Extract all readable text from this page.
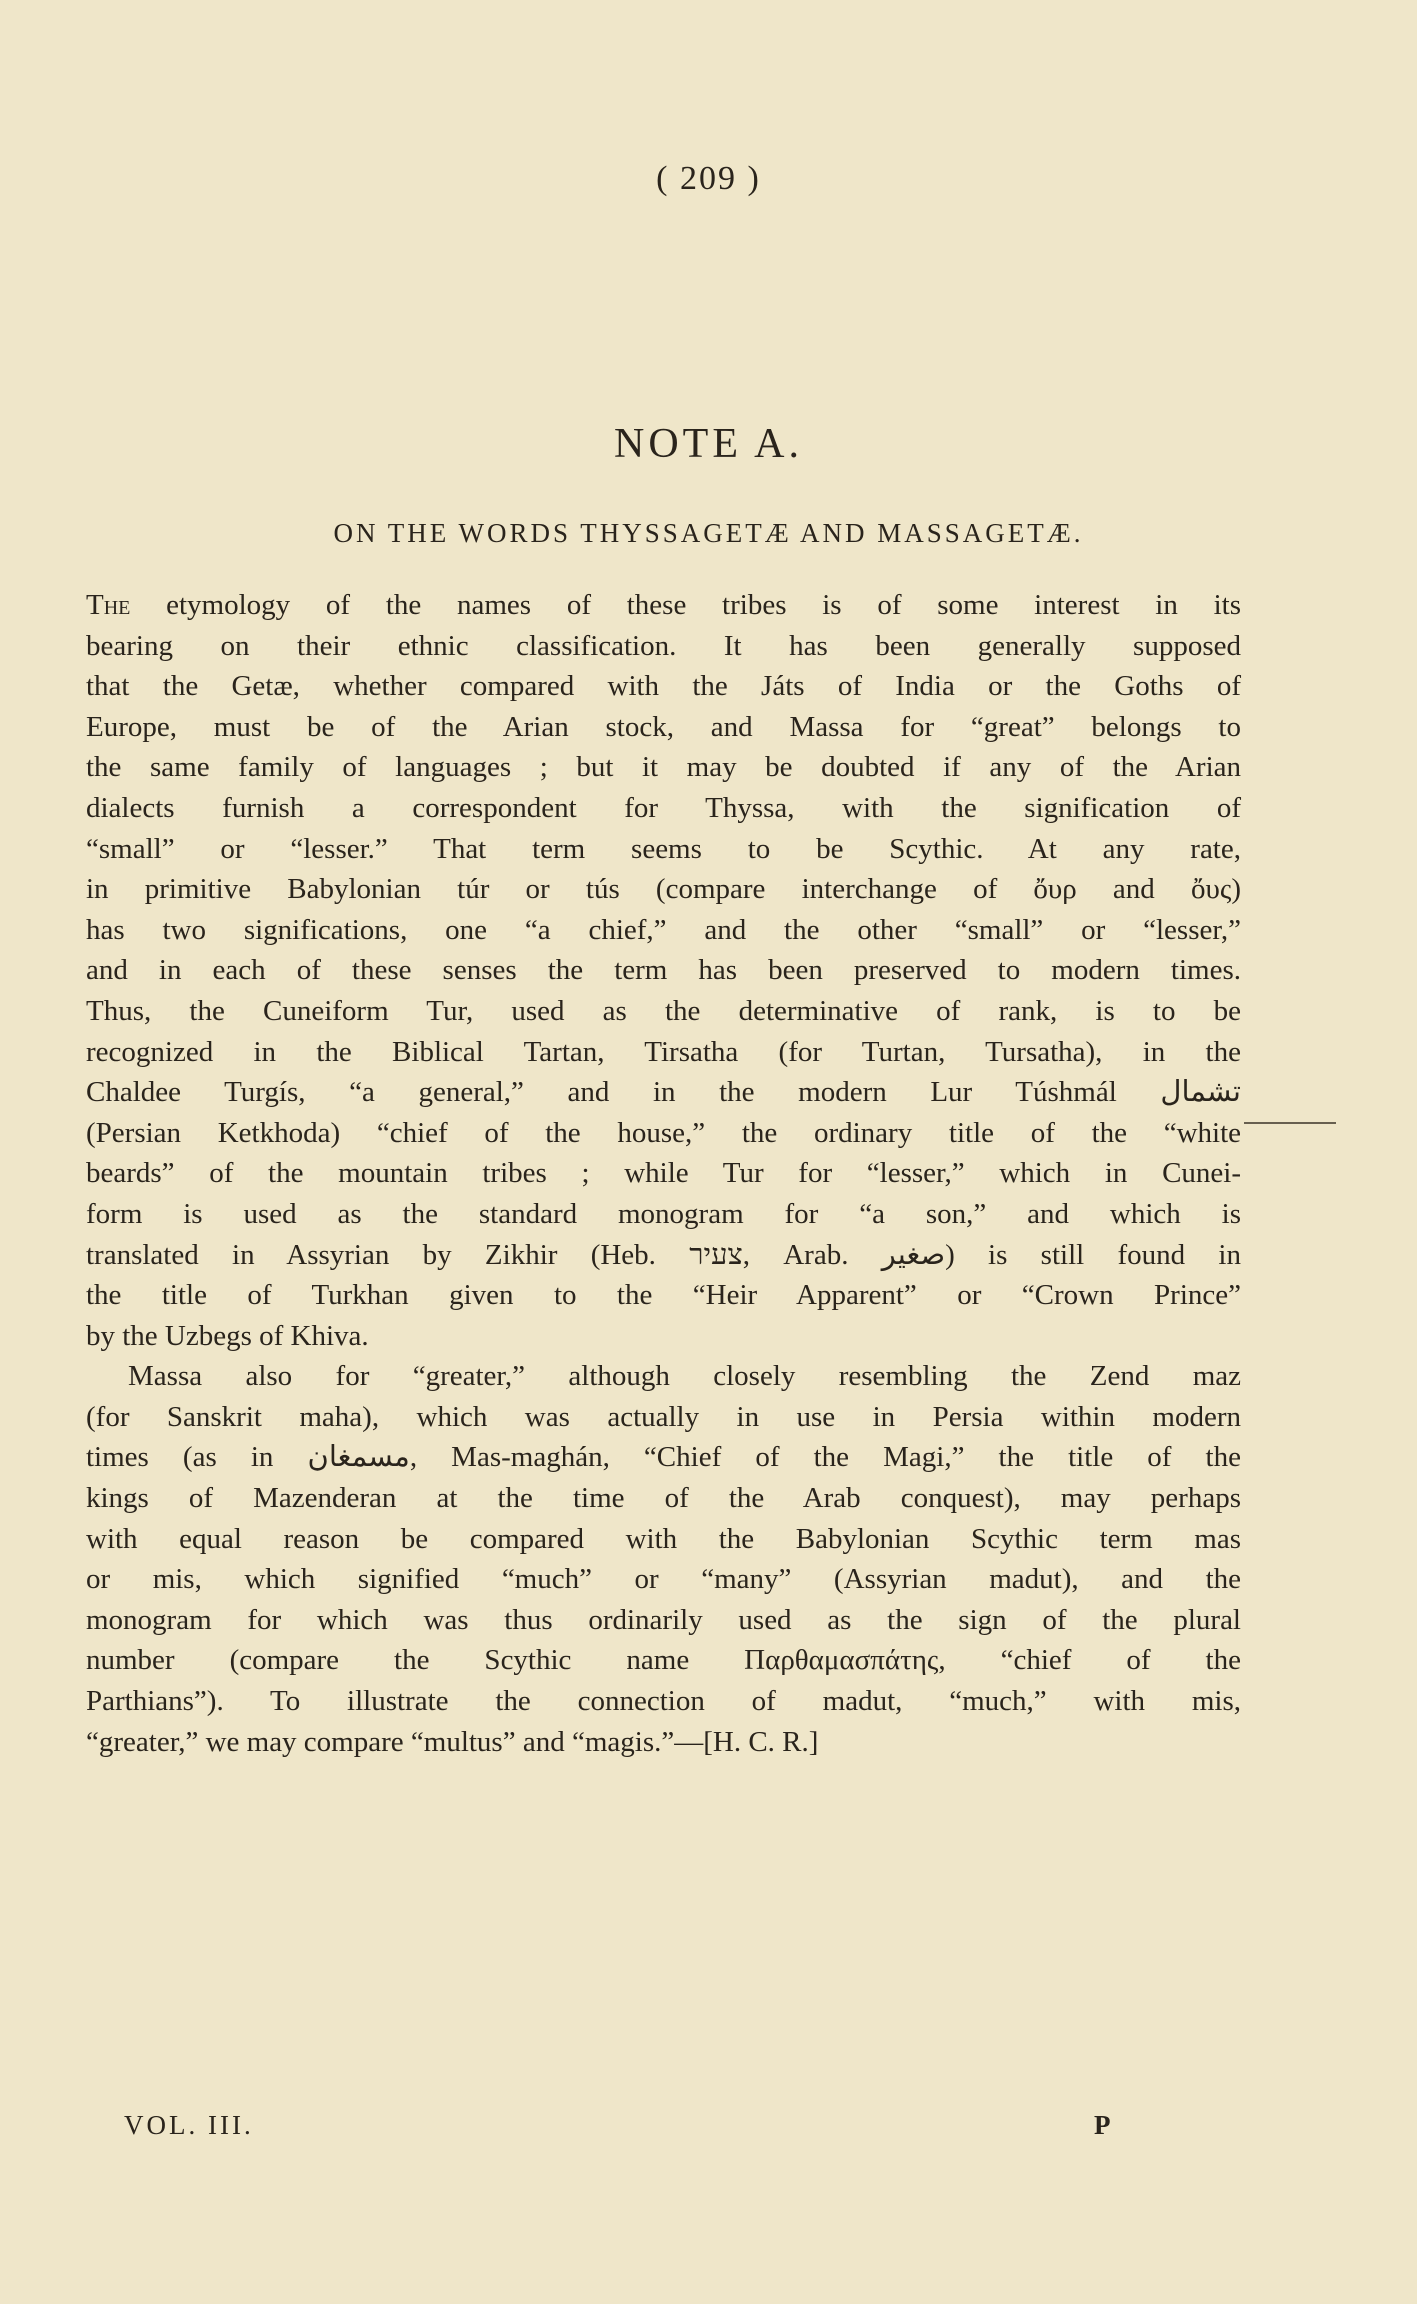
( 209 )
NOTE A.
ON THE WORDS THYSSAGETÆ AND MASSAGETÆ.
The etymology of the names of these tribes is of some interest in its
bearing on their ethnic classification. It has been generally supposed
that the Getæ, whether compared with the Játs of India or the Goths of
Europe, must be of the Arian stock, and Massa for “great” belongs to
the same family of languages ; but it may be doubted if any of the Arian
dialects furnish a correspondent for Thyssa, with the signification of
“small” or “lesser.” That term seems to be Scythic. At any rate,
in primitive Babylonian túr or tús (compare interchange of ὄυρ and ὄυς)
has two significations, one “a chief,” and the other “small” or “lesser,”
and in each of these senses the term has been preserved to modern times.
Thus, the Cuneiform Tur, used as the determinative of rank, is to be
recognized in the Biblical Tartan, Tirsatha (for Turtan, Tursatha), in the
Chaldee Turgís, “a general,” and in the modern Lur Túshmál تشمال
(Persian Ketkhoda) “chief of the house,” the ordinary title of the “white
beards” of the mountain tribes ; while Tur for “lesser,” which in Cunei-
form is used as the standard monogram for “a son,” and which is
translated in Assyrian by Zikhir (Heb. צעיר, Arab. صغير) is still found in
the title of Turkhan given to the “Heir Apparent” or “Crown Prince”
by the Uzbegs of Khiva.
Massa also for “greater,” although closely resembling the Zend maz
(for Sanskrit maha), which was actually in use in Persia within modern
times (as in مسمغان, Mas-maghán, “Chief of the Magi,” the title of the
kings of Mazenderan at the time of the Arab conquest), may perhaps
with equal reason be compared with the Babylonian Scythic term mas
or mis, which signified “much” or “many” (Assyrian madut), and the
monogram for which was thus ordinarily used as the sign of the plural
number (compare the Scythic name Παρθαμασπάτης, “chief of the
Parthians”). To illustrate the connection of madut, “much,” with mis,
“greater,” we may compare “multus” and “magis.”—[H. C. R.]
VOL. III.	P
